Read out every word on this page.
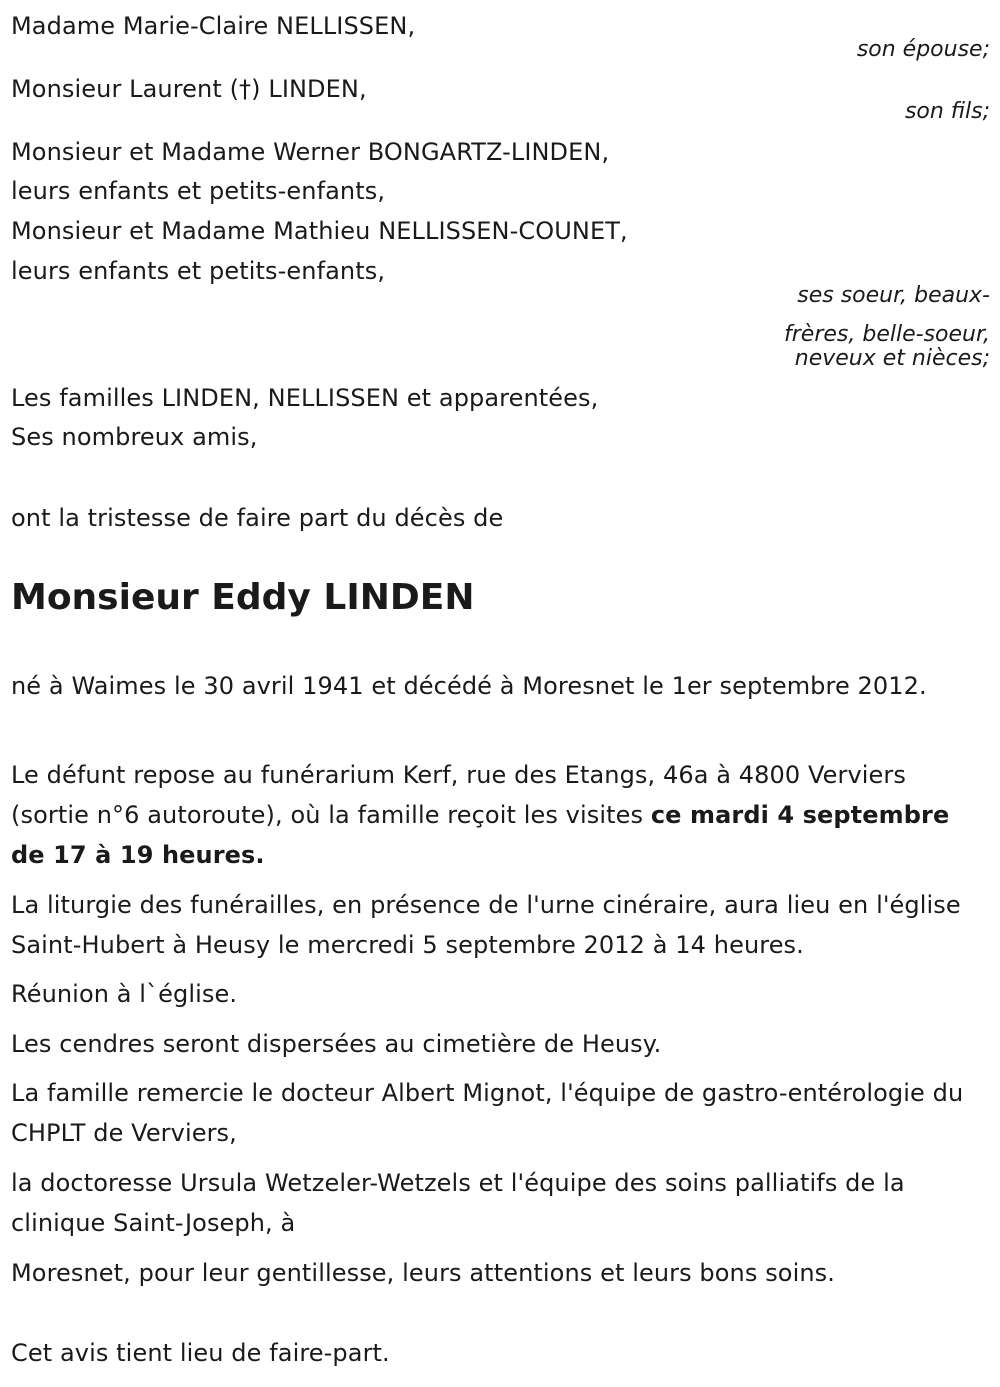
Madame Marie-Claire NELLISSEN,
son épouse;
Monsieur Laurent (†) LINDEN,
son fils;
Monsieur et Madame Werner BONGARTZ-LINDEN,
leurs enfants et petits-enfants,
Monsieur et Madame Mathieu NELLISSEN-COUNET,
leurs enfants et petits-enfants,
ses soeur, beaux-
frères, belle-soeur,
neveux et nièces;
Les familles LINDEN, NELLISSEN et apparentées,
Ses nombreux amis,
ont la tristesse de faire part du décès de
Monsieur Eddy LINDEN
né à Waimes le 30 avril 1941 et décédé à Moresnet le 1er septembre 2012.
Le défunt repose au funérarium Kerf, rue des Etangs, 46a à 4800 Verviers (sortie n°6 autoroute), où la famille reçoit les visites ce mardi 4 septembre de 17 à 19 heures.
La liturgie des funérailles, en présence de l'urne cinéraire, aura lieu en l'église Saint-Hubert à Heusy le mercredi 5 septembre 2012 à 14 heures.
Réunion à l`église.
Les cendres seront dispersées au cimetière de Heusy.
La famille remercie le docteur Albert Mignot, l'équipe de gastro-entérologie du CHPLT de Verviers,
la doctoresse Ursula Wetzeler-Wetzels et l'équipe des soins palliatifs de la clinique Saint-Joseph, à
Moresnet, pour leur gentillesse, leurs attentions et leurs bons soins.
Cet avis tient lieu de faire-part.
